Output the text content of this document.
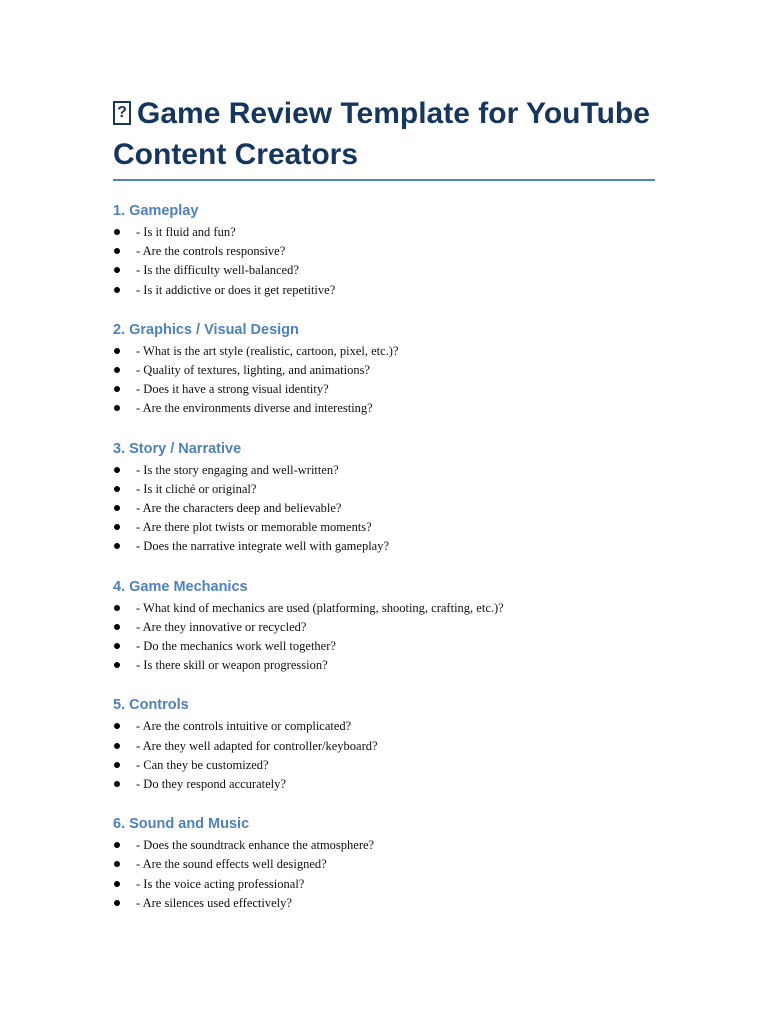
?Game Review Template for YouTube Content Creators
1. Gameplay
- Is it fluid and fun?
- Are the controls responsive?
- Is the difficulty well-balanced?
- Is it addictive or does it get repetitive?
2. Graphics / Visual Design
- What is the art style (realistic, cartoon, pixel, etc.)?
- Quality of textures, lighting, and animations?
- Does it have a strong visual identity?
- Are the environments diverse and interesting?
3. Story / Narrative
- Is the story engaging and well-written?
- Is it cliché or original?
- Are the characters deep and believable?
- Are there plot twists or memorable moments?
- Does the narrative integrate well with gameplay?
4. Game Mechanics
- What kind of mechanics are used (platforming, shooting, crafting, etc.)?
- Are they innovative or recycled?
- Do the mechanics work well together?
- Is there skill or weapon progression?
5. Controls
- Are the controls intuitive or complicated?
- Are they well adapted for controller/keyboard?
- Can they be customized?
- Do they respond accurately?
6. Sound and Music
- Does the soundtrack enhance the atmosphere?
- Are the sound effects well designed?
- Is the voice acting professional?
- Are silences used effectively?
